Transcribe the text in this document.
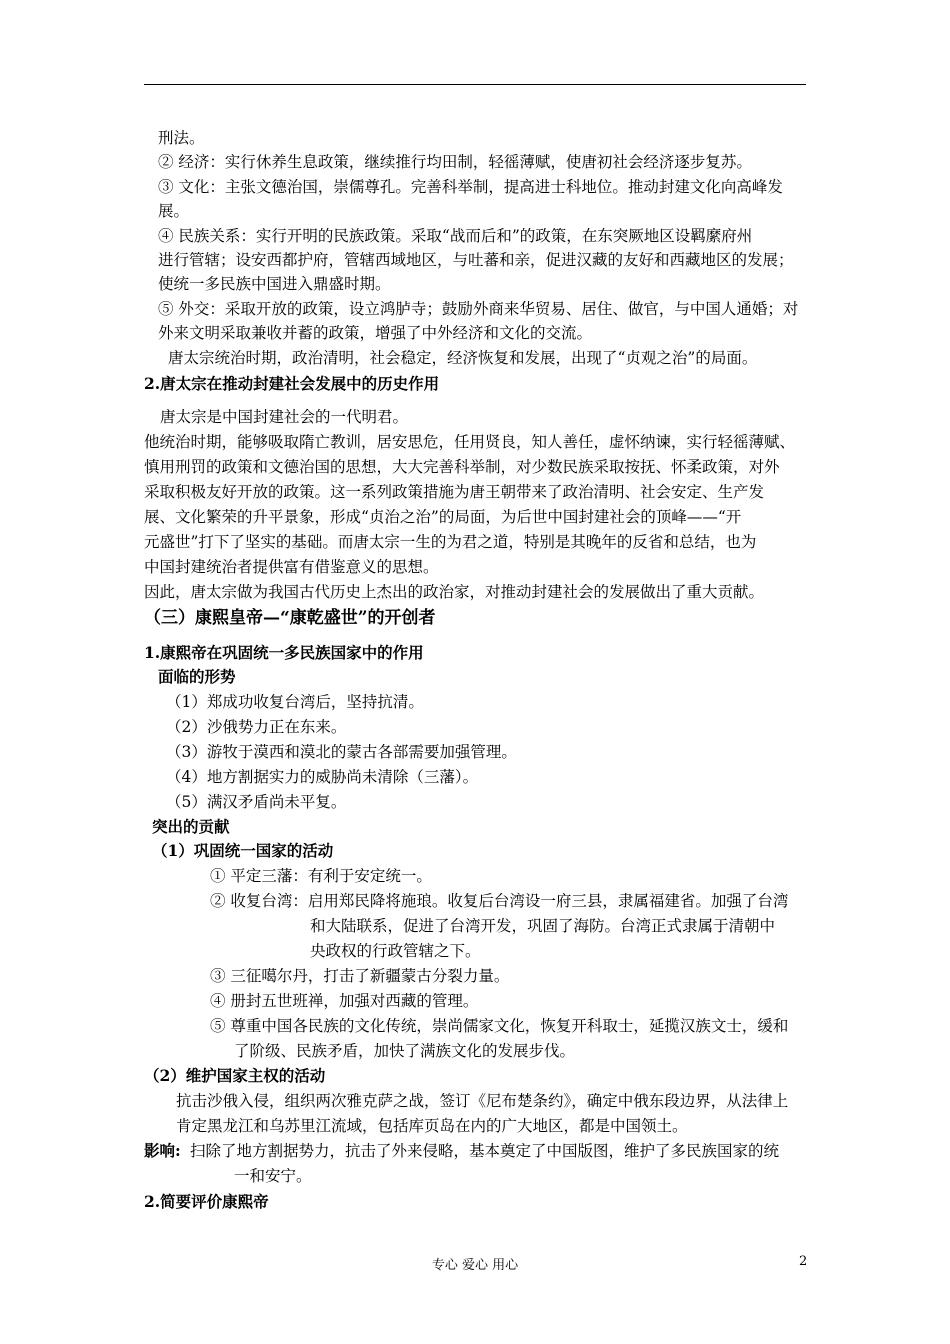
刑法。
② 经济：实行休养生息政策，继续推行均田制，轻徭薄赋，使唐初社会经济逐步复苏。
③ 文化：主张文德治国，崇儒尊孔。完善科举制，提高进士科地位。推动封建文化向高峰发
展。
④ 民族关系：实行开明的民族政策。采取“战而后和”的政策，在东突厥地区设羁縻府州
进行管辖；设安西都护府，管辖西域地区，与吐蕃和亲，促进汉藏的友好和西藏地区的发展；
使统一多民族中国进入鼎盛时期。
⑤ 外交：采取开放的政策，设立鸿胪寺；鼓励外商来华贸易、居住、做官，与中国人通婚；对
外来文明采取兼收并蓄的政策，增强了中外经济和文化的交流。
唐太宗统治时期，政治清明，社会稳定，经济恢复和发展，出现了“贞观之治”的局面。
2.唐太宗在推动封建社会发展中的历史作用
唐太宗是中国封建社会的一代明君。
他统治时期，能够吸取隋亡教训，居安思危，任用贤良，知人善任，虚怀纳谏，实行轻徭薄赋、
慎用刑罚的政策和文德治国的思想，大大完善科举制，对少数民族采取按抚、怀柔政策，对外
采取积极友好开放的政策。这一系列政策措施为唐王朝带来了政治清明、社会安定、生产发
展、文化繁荣的升平景象，形成“贞治之治”的局面，为后世中国封建社会的顶峰——“开
元盛世”打下了坚实的基础。而唐太宗一生的为君之道，特别是其晚年的反省和总结，也为
中国封建统治者提供富有借鉴意义的思想。
因此，唐太宗做为我国古代历史上杰出的政治家，对推动封建社会的发展做出了重大贡献。
（三）康熙皇帝—“康乾盛世”的开创者
1.康熙帝在巩固统一多民族国家中的作用
面临的形势
（1）郑成功收复台湾后，坚持抗清。
（2）沙俄势力正在东来。
（3）游牧于漠西和漠北的蒙古各部需要加强管理。
（4）地方割据实力的威胁尚未清除（三藩）。
（5）满汉矛盾尚未平复。
突出的贡献
（1）巩固统一国家的活动
① 平定三藩：有利于安定统一。
② 收复台湾：启用郑民降将施琅。收复后台湾设一府三县，隶属福建省。加强了台湾
和大陆联系，促进了台湾开发，巩固了海防。台湾正式隶属于清朝中
央政权的行政管辖之下。
③ 三征噶尔丹，打击了新疆蒙古分裂力量。
④ 册封五世班禅，加强对西藏的管理。
⑤ 尊重中国各民族的文化传统，崇尚儒家文化，恢复开科取士，延揽汉族文士，缓和
了阶级、民族矛盾，加快了满族文化的发展步伐。
（2）维护国家主权的活动
抗击沙俄入侵，组织两次雅克萨之战，签订《尼布楚条约》，确定中俄东段边界，从法律上
肯定黑龙江和乌苏里江流域，包括库页岛在内的广大地区，都是中国领土。
扫除了地方割据势力，抗击了外来侵略，基本奠定了中国版图，维护了多民族国家的统
一和安宁。
2.简要评价康熙帝
影响:
专心 爱心 用心	2
